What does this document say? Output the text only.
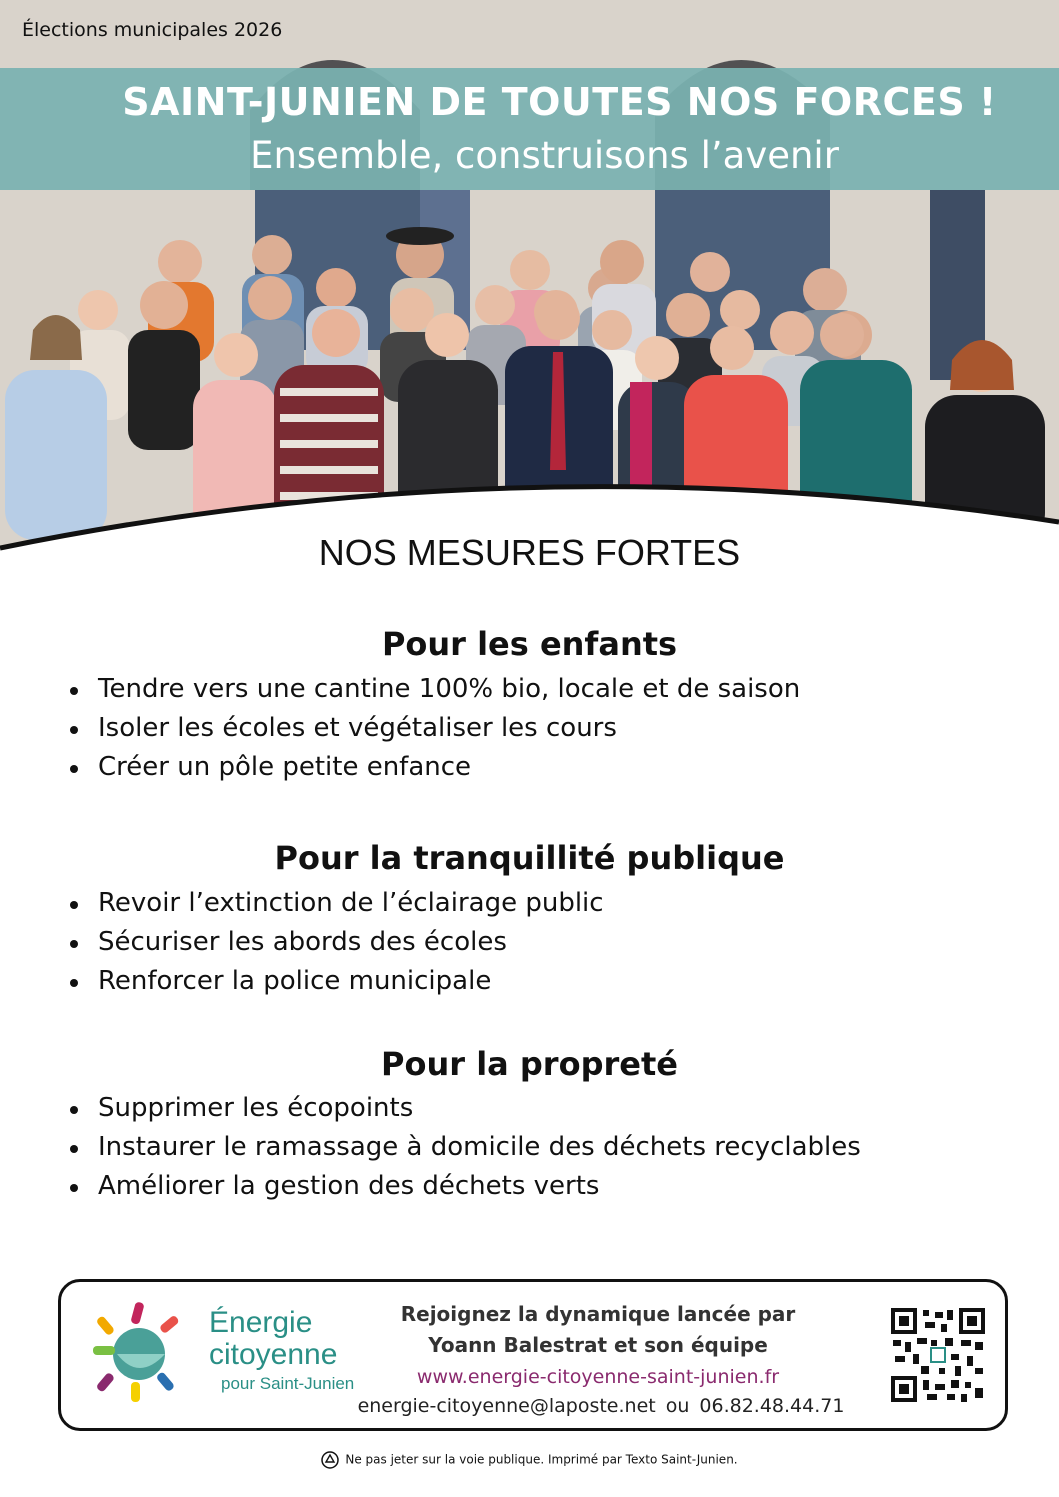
Élections municipales 2026
SAINT-JUNIEN DE TOUTES NOS FORCES !
Ensemble, construisons l’avenir
NOS MESURES FORTES
Pour les enfants
Tendre vers une cantine 100% bio, locale et de saison
Isoler les écoles et végétaliser les cours
Créer un pôle petite enfance
Pour la tranquillité publique
Revoir l’extinction de l’éclairage public
Sécuriser les abords des écoles
Renforcer la police municipale
Pour la propreté
Supprimer les écopoints
Instaurer le ramassage à domicile des déchets recyclables
Améliorer la gestion des déchets verts
Énergie
citoyenne
pour Saint-Junien
Rejoignez la dynamique lancée par
Yoann Balestrat et son équipe
www.energie-citoyenne-saint-junien.fr
energie-citoyenne@laposte.net ou 06.82.48.44.71
Ne pas jeter sur la voie publique. Imprimé par Texto Saint-Junien.
